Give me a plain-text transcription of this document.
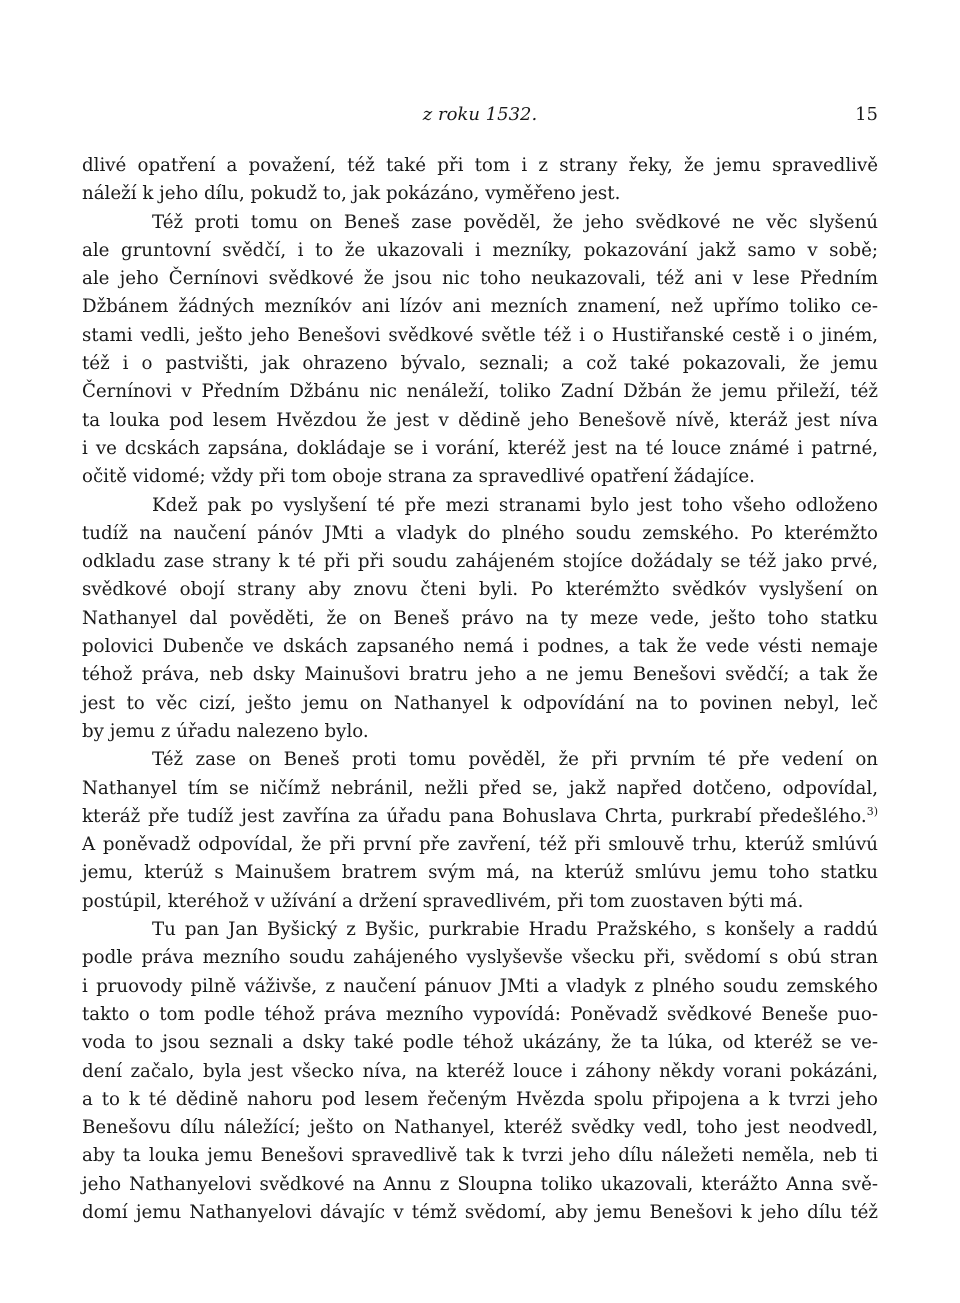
z roku 1532.	15
dlivé opatření a považení, též také při tom i z strany řeky, že jemu spravedlivě
náleží k jeho dílu, pokudž to, jak pokázáno, vyměřeno jest.
Též proti tomu on Beneš zase pověděl, že jeho svědkové ne věc slyšenú
ale gruntovní svědčí, i to že ukazovali i mezníky, pokazování jakž samo v sobě;
ale jeho Černínovi svědkové že jsou nic toho neukazovali, též ani v lese Předním
Džbánem žádných mezníkóv ani lízóv ani mezních znamení, než upřímo toliko ce-
stami vedli, ješto jeho Benešovi svědkové světle též i o Hustiřanské cestě i o jiném,
též i o pastvišti, jak ohrazeno bývalo, seznali; a což také pokazovali, že jemu
Černínovi v Předním Džbánu nic nenáleží, toliko Zadní Džbán že jemu přileží, též
ta louka pod lesem Hvězdou že jest v dědině jeho Benešově nívě, kteráž jest níva
i ve dcskách zapsána, dokládaje se i vorání, kteréž jest na té louce známé i patrné,
očitě vidomé; vždy při tom oboje strana za spravedlivé opatření žádajíce.
Kdež pak po vyslyšení té pře mezi stranami bylo jest toho všeho odloženo
tudíž na naučení pánóv JMti a vladyk do plného soudu zemského. Po kterémžto
odkladu zase strany k té při při soudu zahájeném stojíce dožádaly se též jako prvé,
svědkové obojí strany aby znovu čteni byli. Po kterémžto svědkóv vyslyšení on
Nathanyel dal pověděti, že on Beneš právo na ty meze vede, ješto toho statku
polovici Dubenče ve dskách zapsaného nemá i podnes, a tak že vede vésti nemaje
téhož práva, neb dsky Mainušovi bratru jeho a ne jemu Benešovi svědčí; a tak že
jest to věc cizí, ješto jemu on Nathanyel k odpovídání na to povinen nebyl, leč
by jemu z úřadu nalezeno bylo.
Též zase on Beneš proti tomu pověděl, že při prvním té pře vedení on
Nathanyel tím se ničímž nebránil, nežli před se, jakž napřed dotčeno, odpovídal,
kteráž pře tudíž jest zavřína za úřadu pana Bohuslava Chrta, purkrabí předešlého.$^{3)}$
A poněvadž odpovídal, že při první pře zavření, též při smlouvě trhu, kterúž smlúvú
jemu, kterúž s Mainušem bratrem svým má, na kterúž smlúvu jemu toho statku
postúpil, kteréhož v užívání a držení spravedlivém, při tom zuostaven býti má.
Tu pan Jan Byšický z Byšic, purkrabie Hradu Pražského, s konšely a raddú
podle práva mezního soudu zahájeného vyslyševše všecku při, svědomí s obú stran
i pruovody pilně váživše, z naučení pánuov JMti a vladyk z plného soudu zemského
takto o tom podle téhož práva mezního vypovídá: Poněvadž svědkové Beneše puo-
voda to jsou seznali a dsky také podle téhož ukázány, že ta lúka, od kteréž se ve-
dení začalo, byla jest všecko níva, na kteréž louce i záhony někdy vorani pokázáni,
a to k té dědině nahoru pod lesem řečeným Hvězda spolu připojena a k tvrzi jeho
Benešovu dílu náležící; ješto on Nathanyel, kteréž svědky vedl, toho jest neodvedl,
aby ta louka jemu Benešovi spravedlivě tak k tvrzi jeho dílu náležeti neměla, neb ti
jeho Nathanyelovi svědkové na Annu z Sloupna toliko ukazovali, kterážto Anna svě-
domí jemu Nathanyelovi dávajíc v témž svědomí, aby jemu Benešovi k jeho dílu též
